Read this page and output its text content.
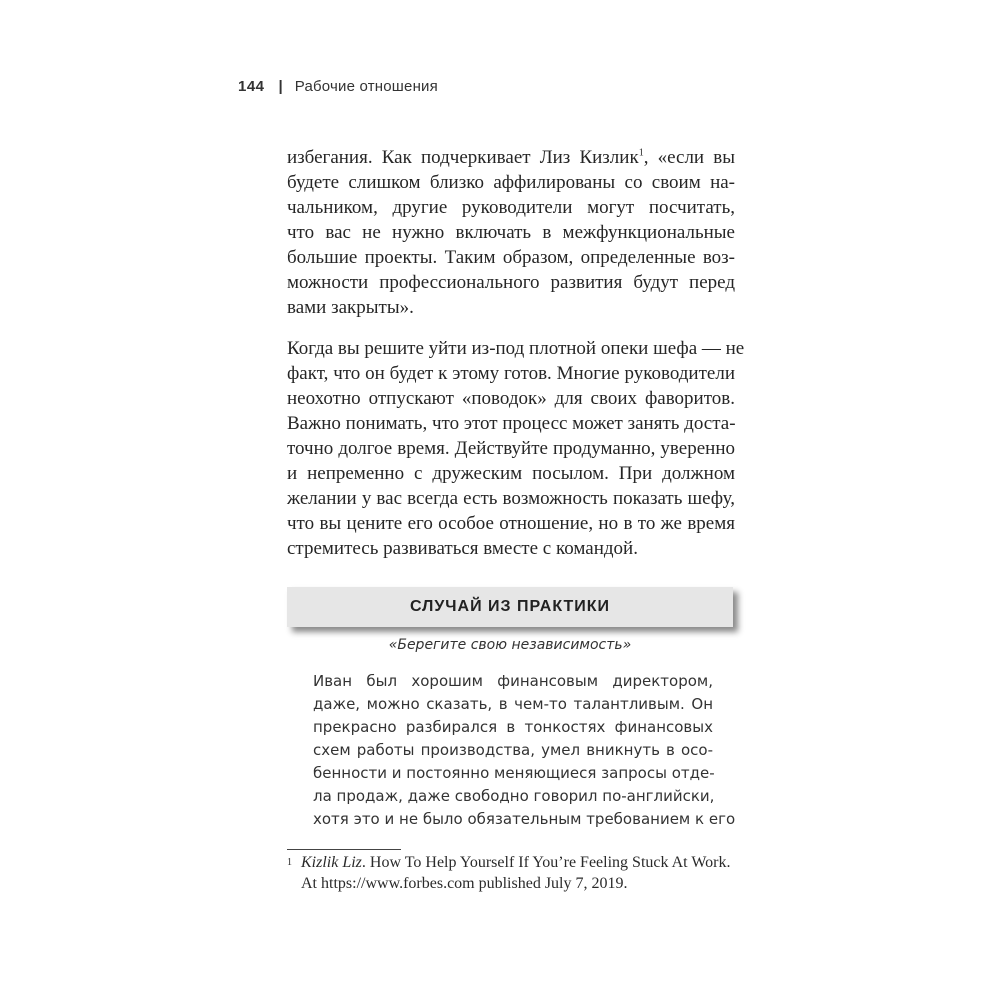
144 | Рабочие отношения
избегания. Как подчеркивает Лиз Кизлик$^1$, «если вы
будете слишком близко аффилированы со своим на-
чальником, другие руководители могут посчитать,
что вас не нужно включать в межфункциональные
большие проекты. Таким образом, определенные воз-
можности профессионального развития будут перед
вами закрыты».
Когда вы решите уйти из-под плотной опеки шефа — не
факт, что он будет к этому готов. Многие руководители
неохотно отпускают «поводок» для своих фаворитов.
Важно понимать, что этот процесс может занять доста-
точно долгое время. Действуйте продуманно, уверенно
и непременно с дружеским посылом. При должном
желании у вас всегда есть возможность показать шефу,
что вы цените его особое отношение, но в то же время
стремитесь развиваться вместе с командой.
СЛУЧАЙ ИЗ ПРАКТИКИ
«Берегите свою независимость»
Иван был хорошим финансовым директором,
даже, можно сказать, в чем-то талантливым. Он
прекрасно разбирался в тонкостях финансовых
схем работы производства, умел вникнуть в осо-
бенности и постоянно меняющиеся запросы отде-
ла продаж, даже свободно говорил по-английски,
хотя это и не было обязательным требованием к его
1 Kizlik Liz. How To Help Yourself If You’re Feeling Stuck At Work.
At https://www.forbes.com published July 7, 2019.
